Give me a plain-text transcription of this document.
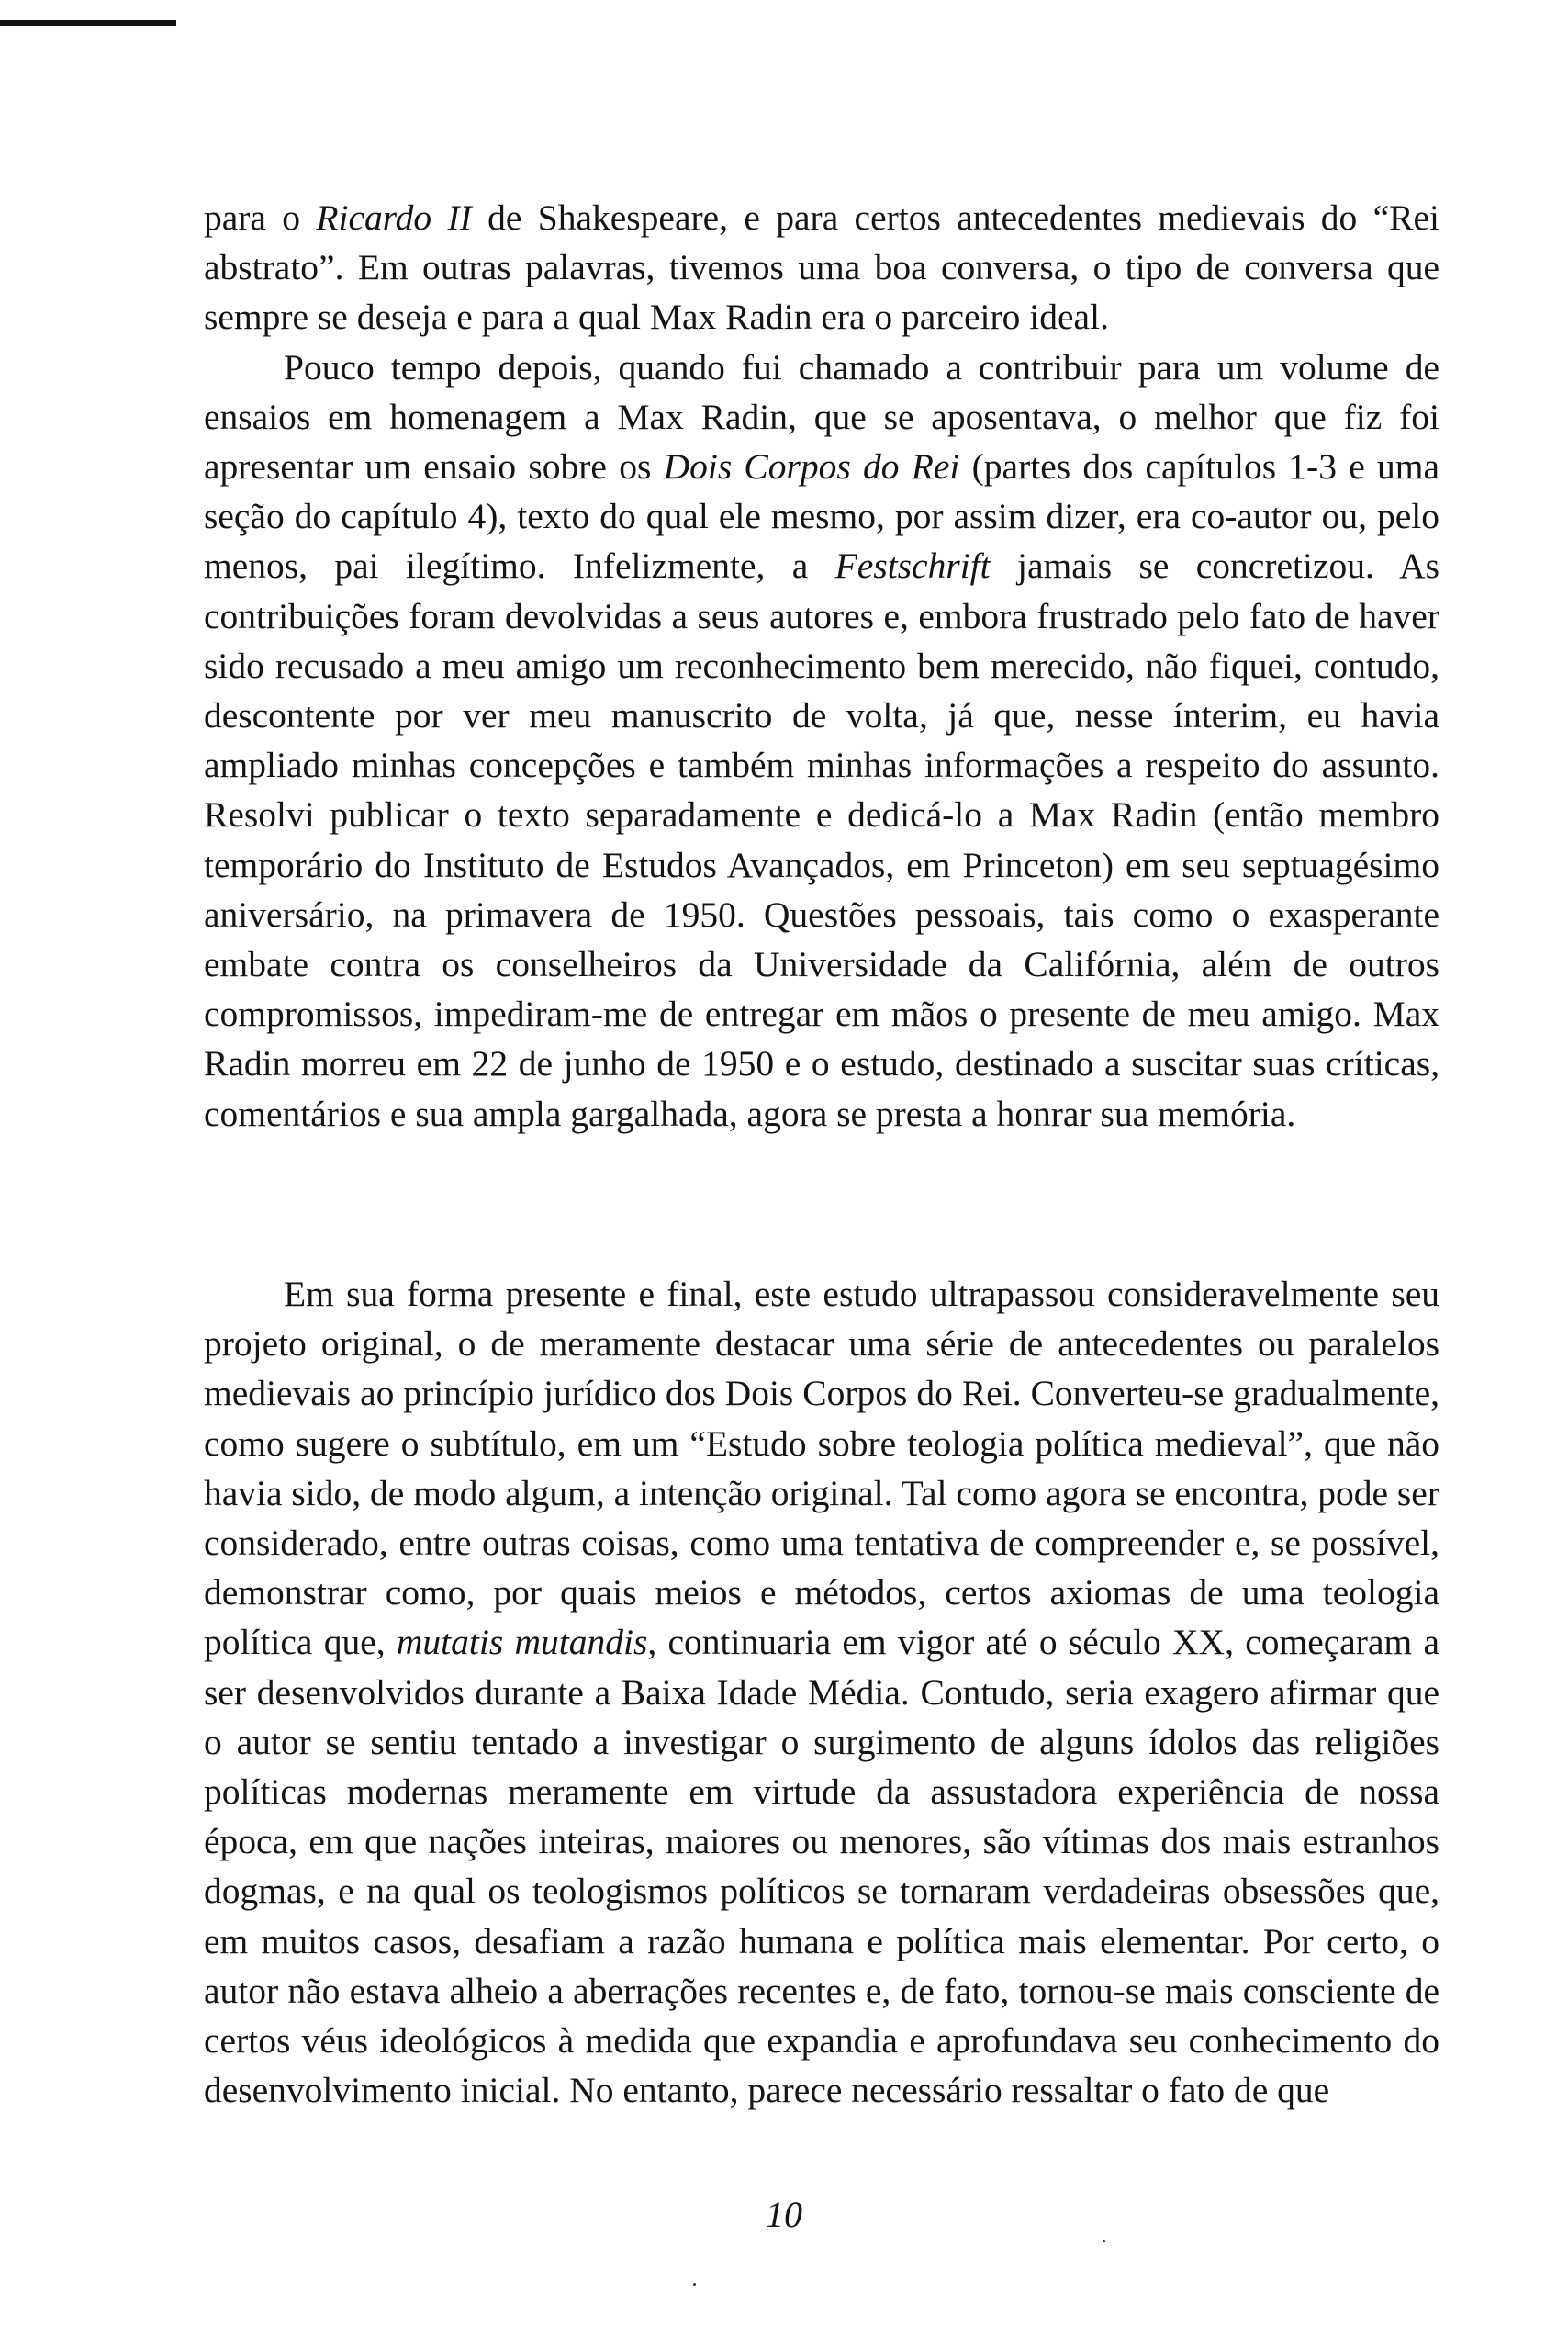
para o Ricardo II de Shakespeare, e para certos antecedentes medievais do “Rei abstrato”. Em outras palavras, tivemos uma boa conversa, o tipo de conversa que sempre se deseja e para a qual Max Radin era o parceiro ideal.

Pouco tempo depois, quando fui chamado a contribuir para um volume de ensaios em homenagem a Max Radin, que se aposentava, o melhor que fiz foi apresentar um ensaio sobre os Dois Corpos do Rei (partes dos capítulos 1-3 e uma seção do capítulo 4), texto do qual ele mesmo, por assim dizer, era co-autor ou, pelo menos, pai ilegítimo. Infelizmente, a Festschrift jamais se concretizou. As contribuições foram devolvidas a seus autores e, embora frustrado pelo fato de haver sido recusado a meu amigo um reconhecimento bem merecido, não fiquei, contudo, descontente por ver meu manuscrito de volta, já que, nesse ínterim, eu havia ampliado minhas concepções e também minhas informações a respeito do assunto. Resolvi publicar o texto separadamente e dedicá-lo a Max Radin (então membro temporário do Instituto de Estudos Avançados, em Princeton) em seu septuagésimo aniversário, na primavera de 1950. Questões pessoais, tais como o exasperante embate contra os conselheiros da Universidade da Califórnia, além de outros compromissos, impediram-me de entregar em mãos o presente de meu amigo. Max Radin morreu em 22 de junho de 1950 e o estudo, destinado a suscitar suas críticas, comentários e sua ampla gargalhada, agora se presta a honrar sua memória.

Em sua forma presente e final, este estudo ultrapassou consideravelmente seu projeto original, o de meramente destacar uma série de antecedentes ou paralelos medievais ao princípio jurídico dos Dois Corpos do Rei. Converteu-se gradualmente, como sugere o subtítulo, em um “Estudo sobre teologia política medieval”, que não havia sido, de modo algum, a intenção original. Tal como agora se encontra, pode ser considerado, entre outras coisas, como uma tentativa de compreender e, se possível, demonstrar como, por quais meios e métodos, certos axiomas de uma teologia política que, mutatis mutandis, continuaria em vigor até o século XX, começaram a ser desenvolvidos durante a Baixa Idade Média. Contudo, seria exagero afirmar que o autor se sentiu tentado a investigar o surgimento de alguns ídolos das religiões políticas modernas meramente em virtude da assustadora experiência de nossa época, em que nações inteiras, maiores ou menores, são vítimas dos mais estranhos dogmas, e na qual os teologismos políticos se tornaram verdadeiras obsessões que, em muitos casos, desafiam a razão humana e política mais elementar. Por certo, o autor não estava alheio a aberrações recentes e, de fato, tornou-se mais consciente de certos véus ideológicos à medida que expandia e aprofundava seu conhecimento do desenvolvimento inicial. No entanto, parece necessário ressaltar o fato de que

10
